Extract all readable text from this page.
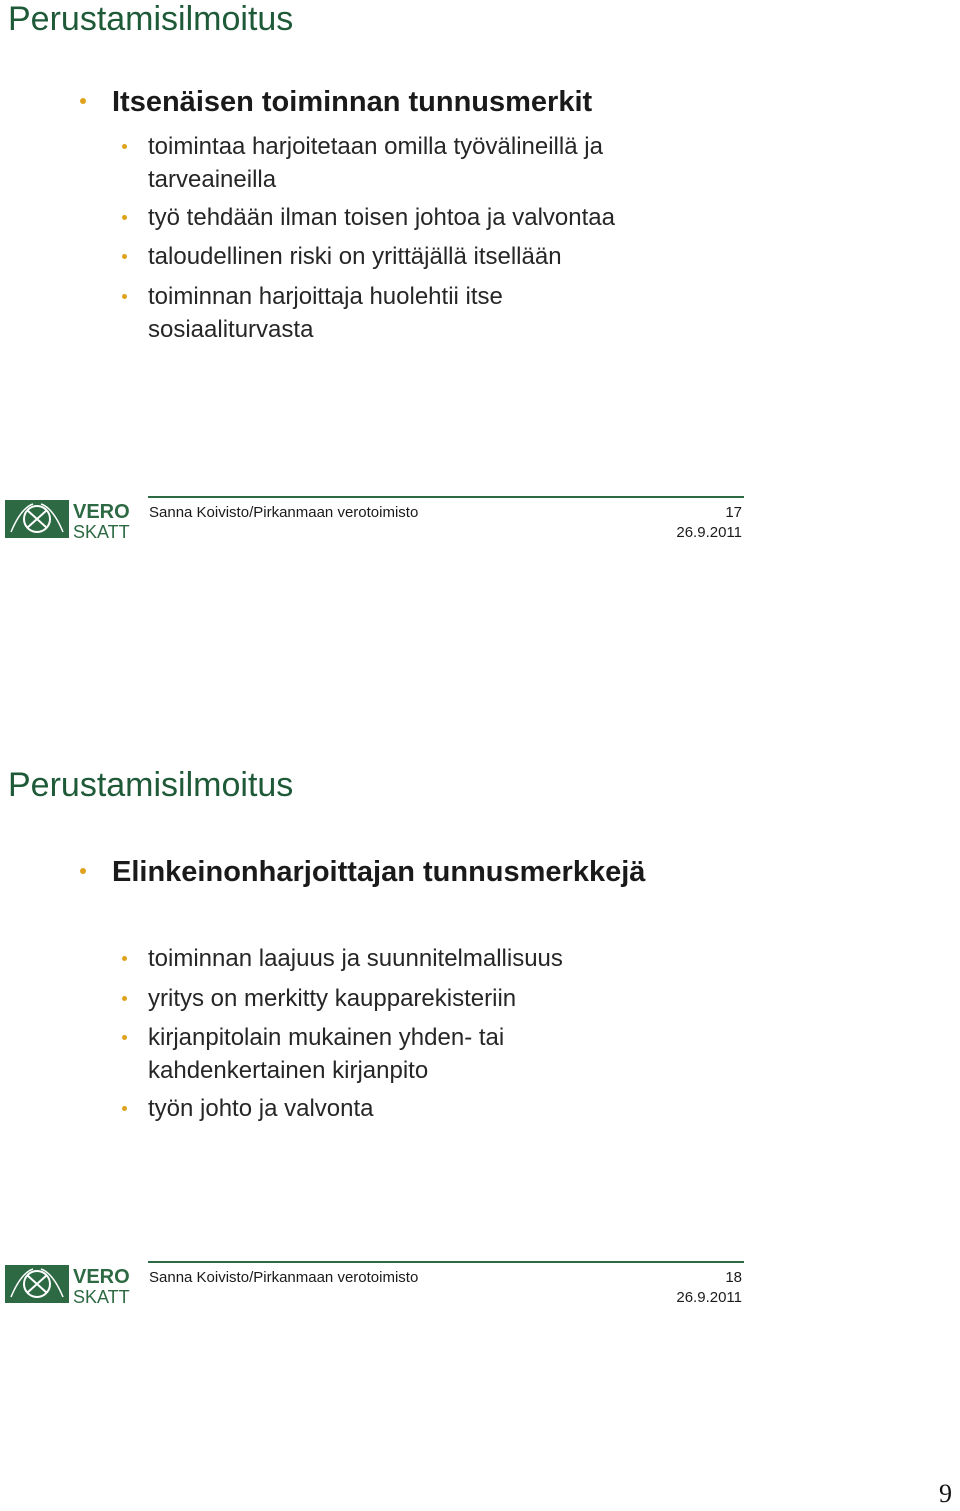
Perustamisilmoitus
Itsenäisen toiminnan tunnusmerkit
toimintaa harjoitetaan omilla työvälineillä ja tarveaineilla
työ tehdään ilman toisen johtoa ja valvontaa
taloudellinen riski on yrittäjällä itsellään
toiminnan harjoittaja huolehtii itse sosiaaliturvasta
VERO
SKATT
Sanna Koivisto/Pirkanmaan verotoimisto	17
26.9.2011
Perustamisilmoitus
Elinkeinonharjoittajan tunnusmerkkejä
toiminnan laajuus ja suunnitelmallisuus
yritys on merkitty kaupparekisteriin
kirjanpitolain mukainen yhden- tai kahdenkertainen kirjanpito
työn johto ja valvonta
VERO
SKATT
Sanna Koivisto/Pirkanmaan verotoimisto	18
26.9.2011
9
